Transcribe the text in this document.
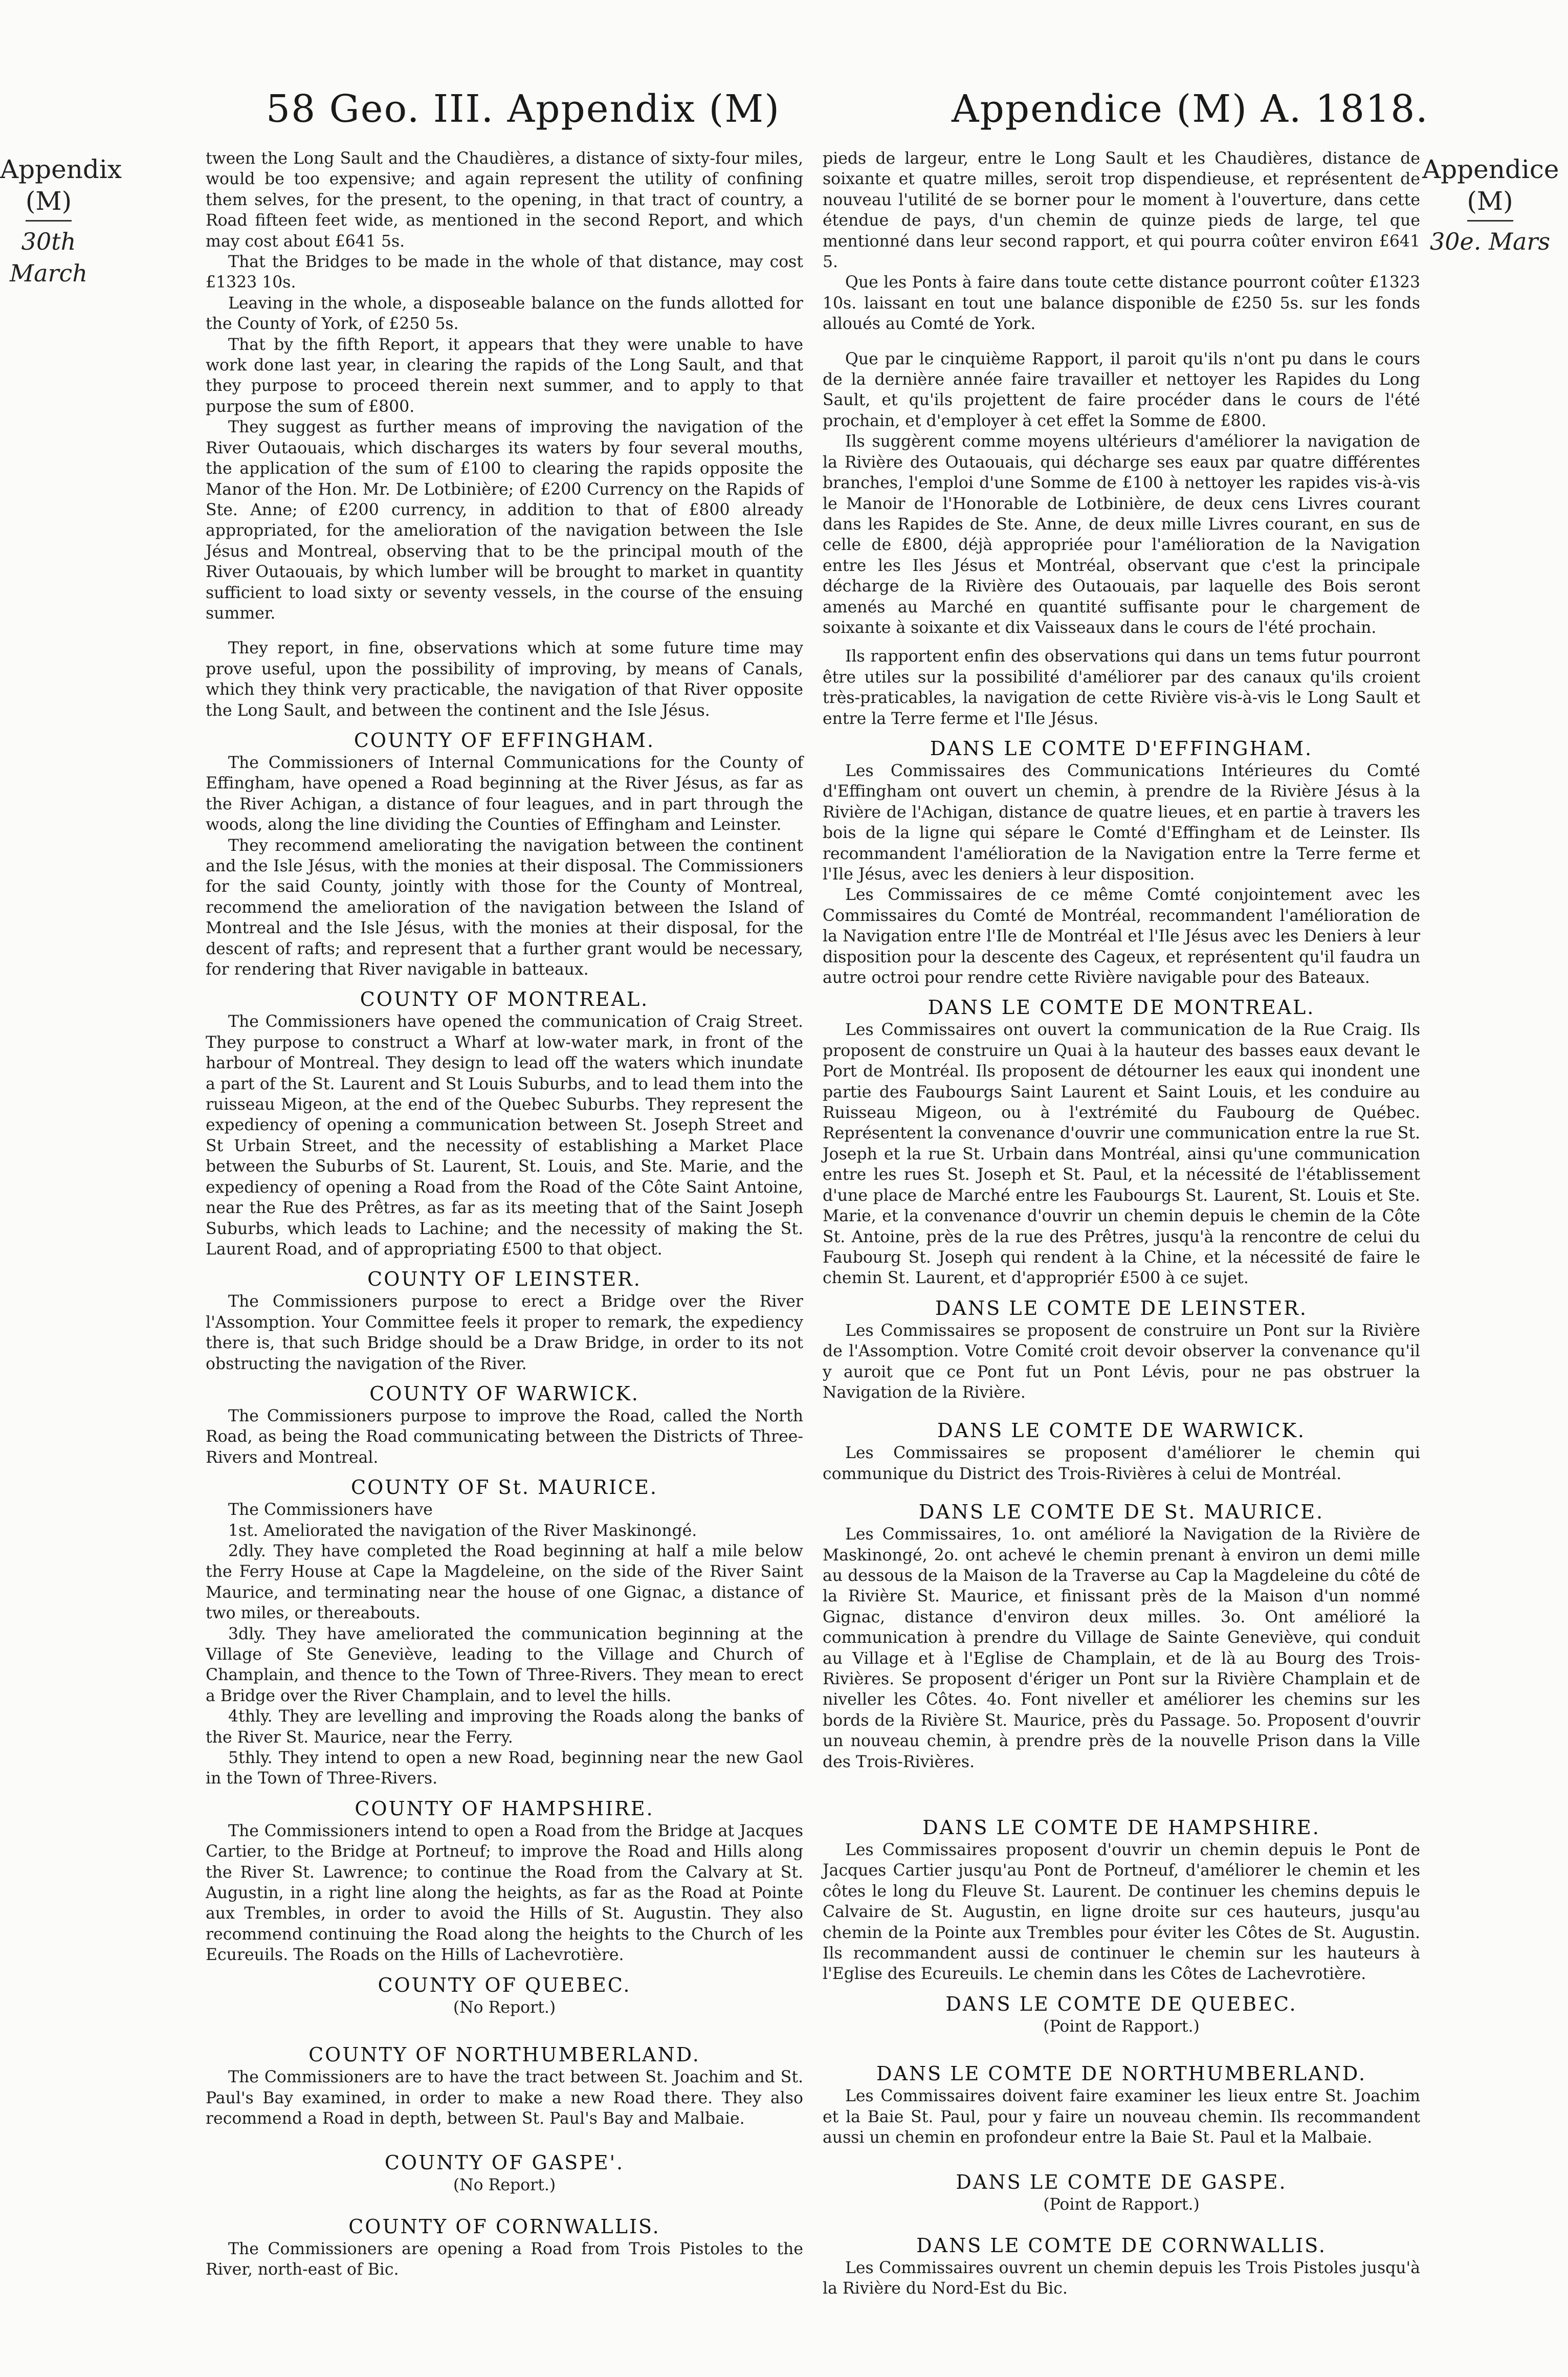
58 Geo. III. Appendix (M)	Appendice (M) A. 1818.
Appendix
(M)
30th March
Appendice
(M)
30e. Mars

tween the Long Sault and the Chaudières, a distance of sixty-four miles, would be too expensive; and again represent the utility of confining them selves, for the present, to the opening, in that tract of country, a Road fifteen feet wide, as mentioned in the second Report, and which may cost about £641 5s.

That the Bridges to be made in the whole of that distance, may cost £1323 10s.

Leaving in the whole, a disposeable balance on the funds allotted for the County of York, of £250 5s.

That by the fifth Report, it appears that they were unable to have work done last year, in clearing the rapids of the Long Sault, and that they purpose to proceed therein next summer, and to apply to that purpose the sum of £800.

They suggest as further means of improving the navigation of the River Outaouais, which discharges its waters by four several mouths, the application of the sum of £100 to clearing the rapids opposite the Manor of the Hon. Mr. De Lotbinière; of £200 Currency on the Rapids of Ste. Anne; of £200 currency, in addition to that of £800 already appropriated, for the amelioration of the navigation between the Isle Jésus and Montreal, observing that to be the principal mouth of the River Outaouais, by which lumber will be brought to market in quantity sufficient to load sixty or seventy vessels, in the course of the ensuing summer.

They report, in fine, observations which at some future time may prove useful, upon the possibility of improving, by means of Canals, which they think very practicable, the navigation of that River opposite the Long Sault, and between the continent and the Isle Jésus.

COUNTY OF EFFINGHAM.

The Commissioners of Internal Communications for the County of Effingham, have opened a Road beginning at the River Jésus, as far as the River Achigan, a distance of four leagues, and in part through the woods, along the line dividing the Counties of Effingham and Leinster.

They recommend ameliorating the navigation between the continent and the Isle Jésus, with the monies at their disposal. The Commissioners for the said County, jointly with those for the County of Montreal, recommend the amelioration of the navigation between the Island of Montreal and the Isle Jésus, with the monies at their disposal, for the descent of rafts; and represent that a further grant would be necessary, for rendering that River navigable in batteaux.

COUNTY OF MONTREAL.

The Commissioners have opened the communication of Craig Street. They purpose to construct a Wharf at low-water mark, in front of the harbour of Montreal. They design to lead off the waters which inundate a part of the St. Laurent and St Louis Suburbs, and to lead them into the ruisseau Migeon, at the end of the Quebec Suburbs. They represent the expediency of opening a communication between St. Joseph Street and St Urbain Street, and the necessity of establishing a Market Place between the Suburbs of St. Laurent, St. Louis, and Ste. Marie, and the expediency of opening a Road from the Road of the Côte Saint Antoine, near the Rue des Prêtres, as far as its meeting that of the Saint Joseph Suburbs, which leads to Lachine; and the necessity of making the St. Laurent Road, and of appropriating £500 to that object.

COUNTY OF LEINSTER.

The Commissioners purpose to erect a Bridge over the River l'Assomption. Your Committee feels it proper to remark, the expediency there is, that such Bridge should be a Draw Bridge, in order to its not obstructing the navigation of the River.

COUNTY OF WARWICK.

The Commissioners purpose to improve the Road, called the North Road, as being the Road communicating between the Districts of Three-Rivers and Montreal.

COUNTY OF St. MAURICE.

The Commissioners have

1st. Ameliorated the navigation of the River Maskinongé.

2dly. They have completed the Road beginning at half a mile below the Ferry House at Cape la Magdeleine, on the side of the River Saint Maurice, and terminating near the house of one Gignac, a distance of two miles, or thereabouts.

3dly. They have ameliorated the communication beginning at the Village of Ste Geneviève, leading to the Village and Church of Champlain, and thence to the Town of Three-Rivers. They mean to erect a Bridge over the River Champlain, and to level the hills.

4thly. They are levelling and improving the Roads along the banks of the River St. Maurice, near the Ferry.

5thly. They intend to open a new Road, beginning near the new Gaol in the Town of Three-Rivers.

COUNTY OF HAMPSHIRE.

The Commissioners intend to open a Road from the Bridge at Jacques Cartier, to the Bridge at Portneuf; to improve the Road and Hills along the River St. Lawrence; to continue the Road from the Calvary at St. Augustin, in a right line along the heights, as far as the Road at Pointe aux Trembles, in order to avoid the Hills of St. Augustin. They also recommend continuing the Road along the heights to the Church of les Ecureuils. The Roads on the Hills of Lachevrotière.

COUNTY OF QUEBEC.
(No Report.)
COUNTY OF NORTHUMBERLAND.

The Commissioners are to have the tract between St. Joachim and St. Paul's Bay examined, in order to make a new Road there. They also recommend a Road in depth, between St. Paul's Bay and Malbaie.

COUNTY OF GASPE'.
(No Report.)
COUNTY OF CORNWALLIS.

The Commissioners are opening a Road from Trois Pistoles to the River, north-east of Bic.

pieds de largeur, entre le Long Sault et les Chaudières, distance de soixante et quatre milles, seroit trop dispendieuse, et représentent de nouveau l'utilité de se borner pour le moment à l'ouverture, dans cette étendue de pays, d'un chemin de quinze pieds de large, tel que mentionné dans leur second rapport, et qui pourra coûter environ £641 5.

Que les Ponts à faire dans toute cette distance pourront coûter £1323 10s. laissant en tout une balance disponible de £250 5s. sur les fonds alloués au Comté de York.

Que par le cinquième Rapport, il paroit qu'ils n'ont pu dans le cours de la dernière année faire travailler et nettoyer les Rapides du Long Sault, et qu'ils projettent de faire procéder dans le cours de l'été prochain, et d'employer à cet effet la Somme de £800.

Ils suggèrent comme moyens ultérieurs d'améliorer la navigation de la Rivière des Outaouais, qui décharge ses eaux par quatre différentes branches, l'emploi d'une Somme de £100 à nettoyer les rapides vis-à-vis le Manoir de l'Honorable de Lotbinière, de deux cens Livres courant dans les Rapides de Ste. Anne, de deux mille Livres courant, en sus de celle de £800, déjà appropriée pour l'amélioration de la Navigation entre les Iles Jésus et Montréal, observant que c'est la principale décharge de la Rivière des Outaouais, par laquelle des Bois seront amenés au Marché en quantité suffisante pour le chargement de soixante à soixante et dix Vaisseaux dans le cours de l'été prochain.

Ils rapportent enfin des observations qui dans un tems futur pourront être utiles sur la possibilité d'améliorer par des canaux qu'ils croient très-praticables, la navigation de cette Rivière vis-à-vis le Long Sault et entre la Terre ferme et l'Ile Jésus.

DANS LE COMTE D'EFFINGHAM.

Les Commissaires des Communications Intérieures du Comté d'Effingham ont ouvert un chemin, à prendre de la Rivière Jésus à la Rivière de l'Achigan, distance de quatre lieues, et en partie à travers les bois de la ligne qui sépare le Comté d'Effingham et de Leinster. Ils recommandent l'amélioration de la Navigation entre la Terre ferme et l'Ile Jésus, avec les deniers à leur disposition.

Les Commissaires de ce même Comté conjointement avec les Commissaires du Comté de Montréal, recommandent l'amélioration de la Navigation entre l'Ile de Montréal et l'Ile Jésus avec les Deniers à leur disposition pour la descente des Cageux, et représentent qu'il faudra un autre octroi pour rendre cette Rivière navigable pour des Bateaux.

DANS LE COMTE DE MONTREAL.

Les Commissaires ont ouvert la communication de la Rue Craig. Ils proposent de construire un Quai à la hauteur des basses eaux devant le Port de Montréal. Ils proposent de détourner les eaux qui inondent une partie des Faubourgs Saint Laurent et Saint Louis, et les conduire au Ruisseau Migeon, ou à l'extrémité du Faubourg de Québec. Représentent la convenance d'ouvrir une communication entre la rue St. Joseph et la rue St. Urbain dans Montréal, ainsi qu'une communication entre les rues St. Joseph et St. Paul, et la nécessité de l'établissement d'une place de Marché entre les Faubourgs St. Laurent, St. Louis et Ste. Marie, et la convenance d'ouvrir un chemin depuis le chemin de la Côte St. Antoine, près de la rue des Prêtres, jusqu'à la rencontre de celui du Faubourg St. Joseph qui rendent à la Chine, et la nécessité de faire le chemin St. Laurent, et d'appropriér £500 à ce sujet.

DANS LE COMTE DE LEINSTER.

Les Commissaires se proposent de construire un Pont sur la Rivière de l'Assomption. Votre Comité croit devoir observer la convenance qu'il y auroit que ce Pont fut un Pont Lévis, pour ne pas obstruer la Navigation de la Rivière.

DANS LE COMTE DE WARWICK.

Les Commissaires se proposent d'améliorer le chemin qui communique du District des Trois-Rivières à celui de Montréal.

DANS LE COMTE DE St. MAURICE.

Les Commissaires, 1o. ont amélioré la Navigation de la Rivière de Maskinongé, 2o. ont achevé le chemin prenant à environ un demi mille au dessous de la Maison de la Traverse au Cap la Magdeleine du côté de la Rivière St. Maurice, et finissant près de la Maison d'un nommé Gignac, distance d'environ deux milles. 3o. Ont amélioré la communication à prendre du Village de Sainte Geneviève, qui conduit au Village et à l'Eglise de Champlain, et de là au Bourg des Trois-Rivières. Se proposent d'ériger un Pont sur la Rivière Champlain et de niveller les Côtes. 4o. Font niveller et améliorer les chemins sur les bords de la Rivière St. Maurice, près du Passage. 5o. Proposent d'ouvrir un nouveau chemin, à prendre près de la nouvelle Prison dans la Ville des Trois-Rivières.

DANS LE COMTE DE HAMPSHIRE.

Les Commissaires proposent d'ouvrir un chemin depuis le Pont de Jacques Cartier jusqu'au Pont de Portneuf, d'améliorer le chemin et les côtes le long du Fleuve St. Laurent. De continuer les chemins depuis le Calvaire de St. Augustin, en ligne droite sur ces hauteurs, jusqu'au chemin de la Pointe aux Trembles pour éviter les Côtes de St. Augustin. Ils recommandent aussi de continuer le chemin sur les hauteurs à l'Eglise des Ecureuils. Le chemin dans les Côtes de Lachevrotière.

DANS LE COMTE DE QUEBEC.
(Point de Rapport.)
DANS LE COMTE DE NORTHUMBERLAND.

Les Commissaires doivent faire examiner les lieux entre St. Joachim et la Baie St. Paul, pour y faire un nouveau chemin. Ils recommandent aussi un chemin en profondeur entre la Baie St. Paul et la Malbaie.

DANS LE COMTE DE GASPE.
(Point de Rapport.)
DANS LE COMTE DE CORNWALLIS.

Les Commissaires ouvrent un chemin depuis les Trois Pistoles jusqu'à la Rivière du Nord-Est du Bic.
